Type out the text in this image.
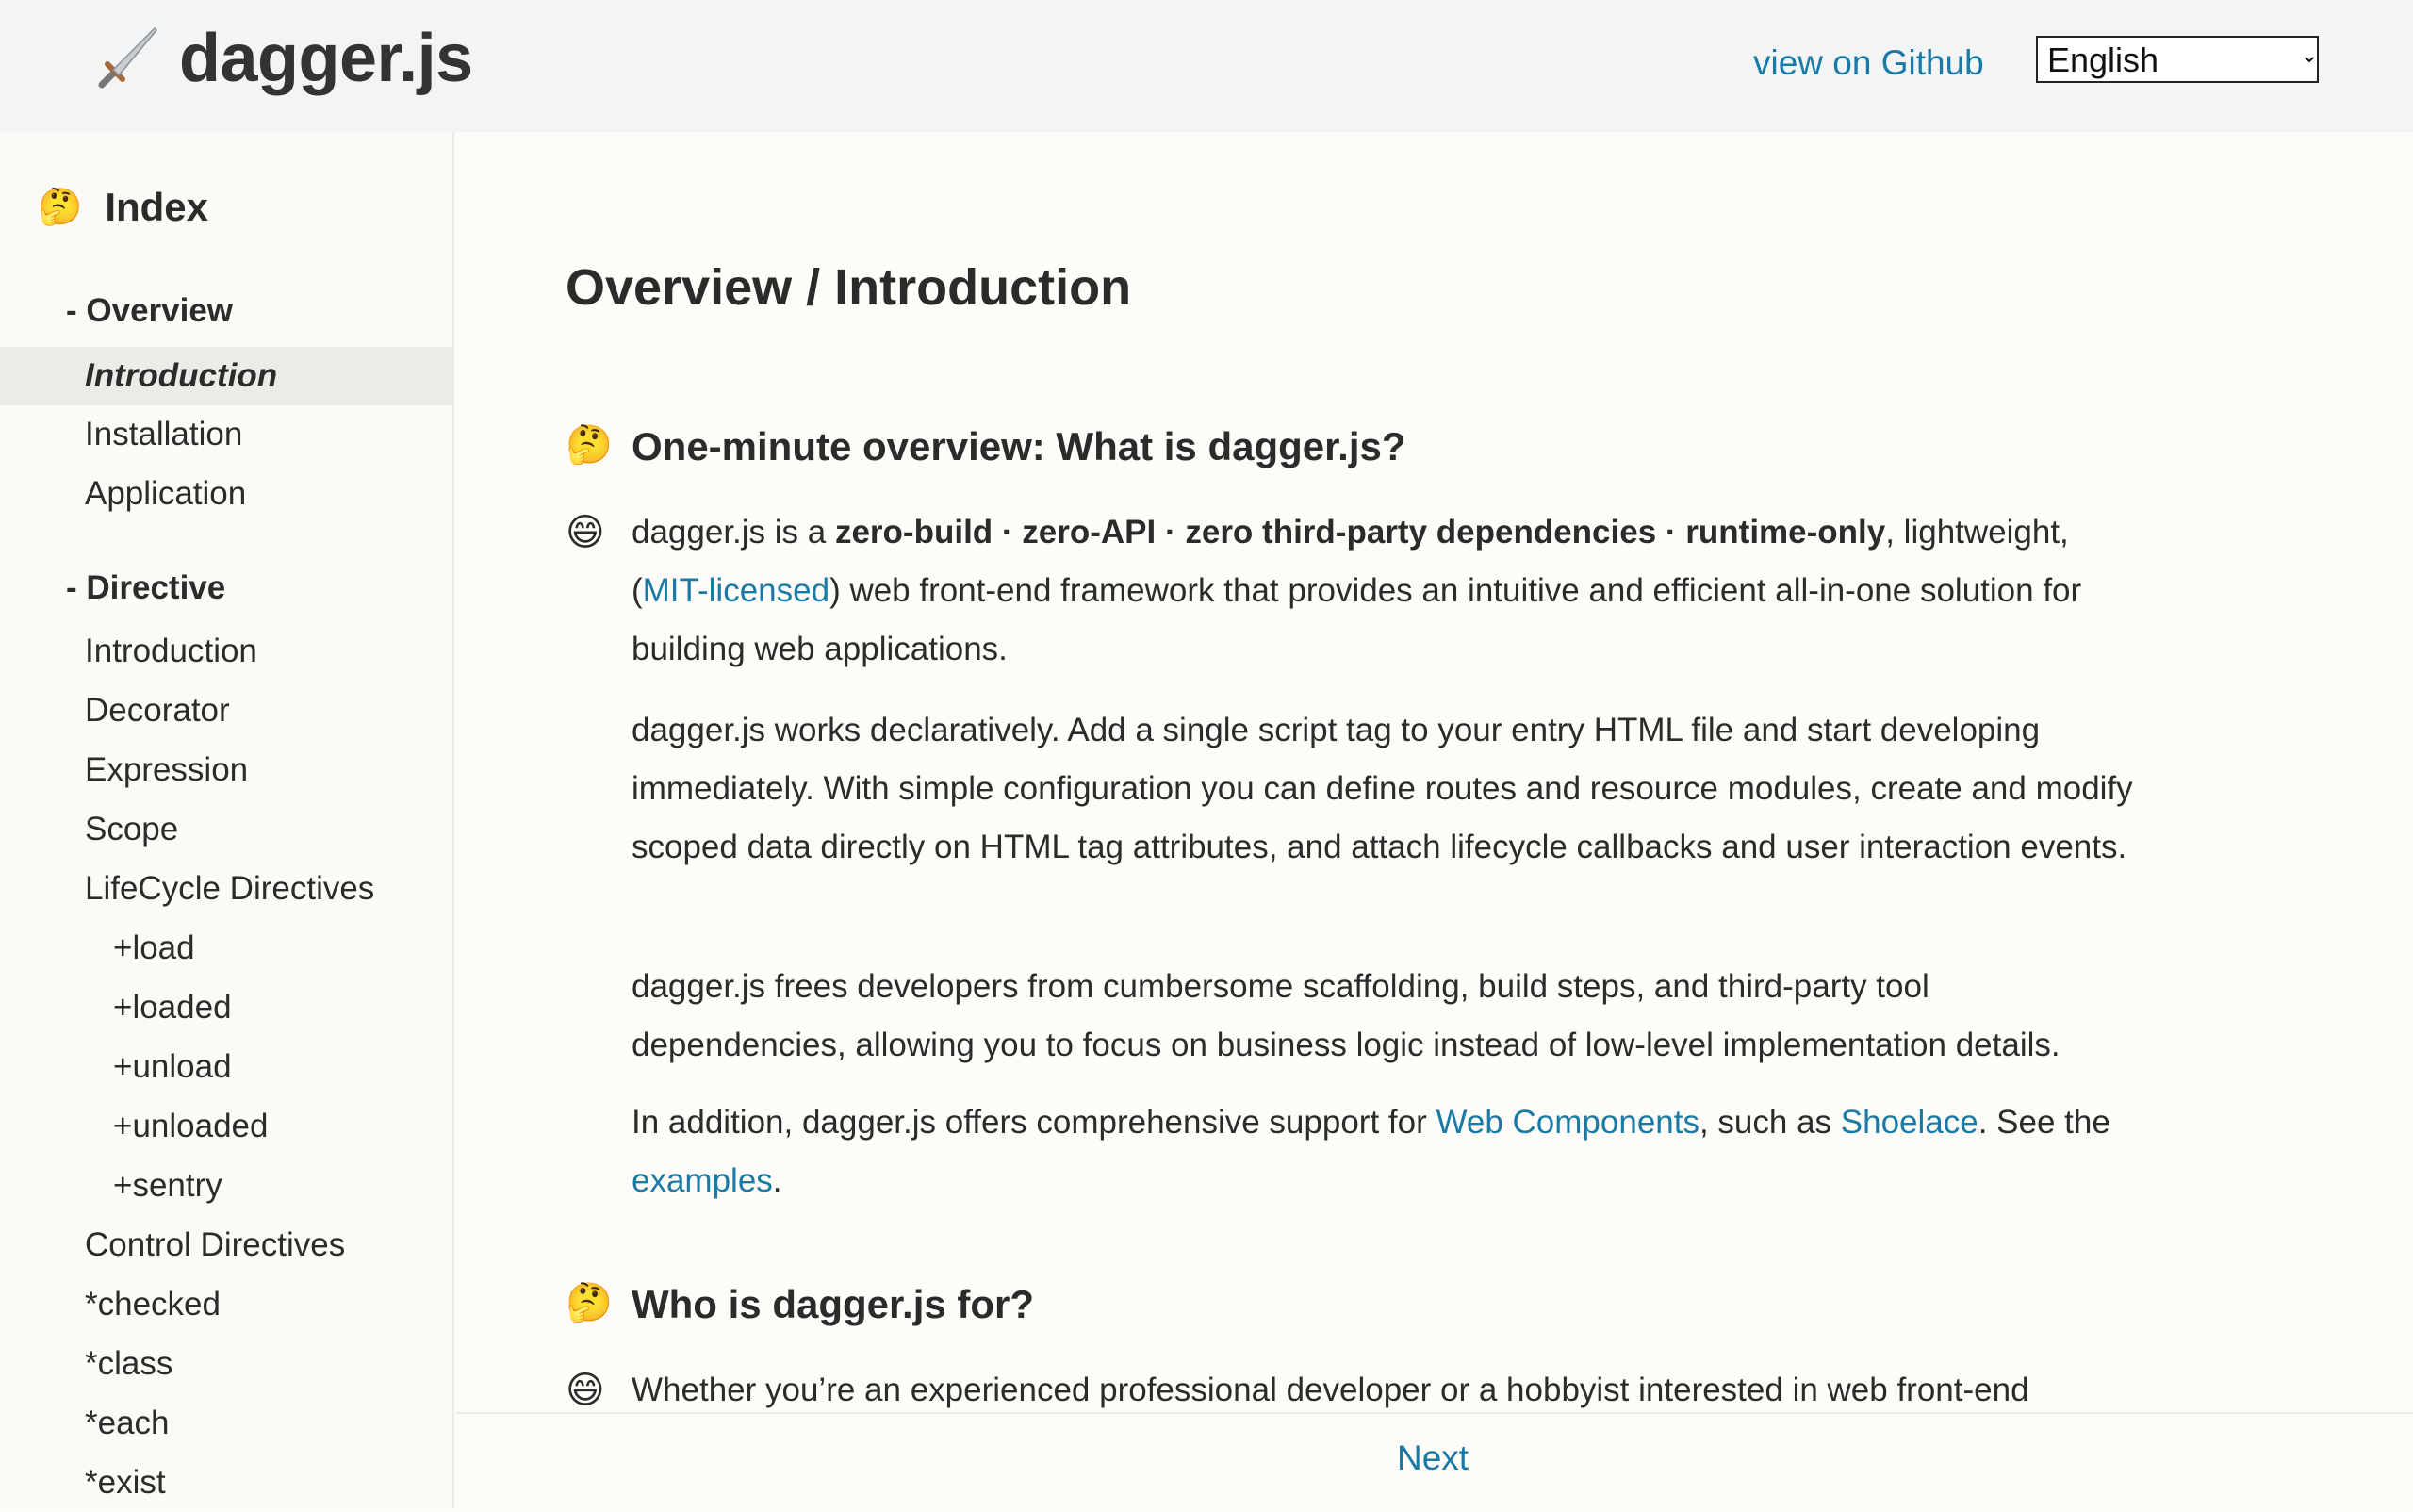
dagger.js	view on Github
English
🤔 Index
- Overview
Introduction
Installation
Application
- Directive
Introduction
Decorator
Expression
Scope
LifeCycle Directives
+load
+loaded
+unload
+unloaded
+sentry
Control Directives
*checked
*class
*each
*exist
Overview / Introduction
🤔 One-minute overview: What is dagger.js?
😄 dagger.js is a zero-build · zero-API · zero third-party dependencies · runtime-only, lightweight, (MIT-licensed) web front-end framework that provides an intuitive and efficient all-in-one solution for building web applications.

dagger.js works declaratively. Add a single script tag to your entry HTML file and start developing immediately. With simple configuration you can define routes and resource modules, create and modify scoped data directly on HTML tag attributes, and attach lifecycle callbacks and user interaction events.

dagger.js frees developers from cumbersome scaffolding, build steps, and third-party tool dependencies, allowing you to focus on business logic instead of low-level implementation details.

In addition, dagger.js offers comprehensive support for Web Components, such as Shoelace. See the examples.

🤔 Who is dagger.js for?
😄 Whether you’re an experienced professional developer or a hobbyist interested in web front-end

Next
